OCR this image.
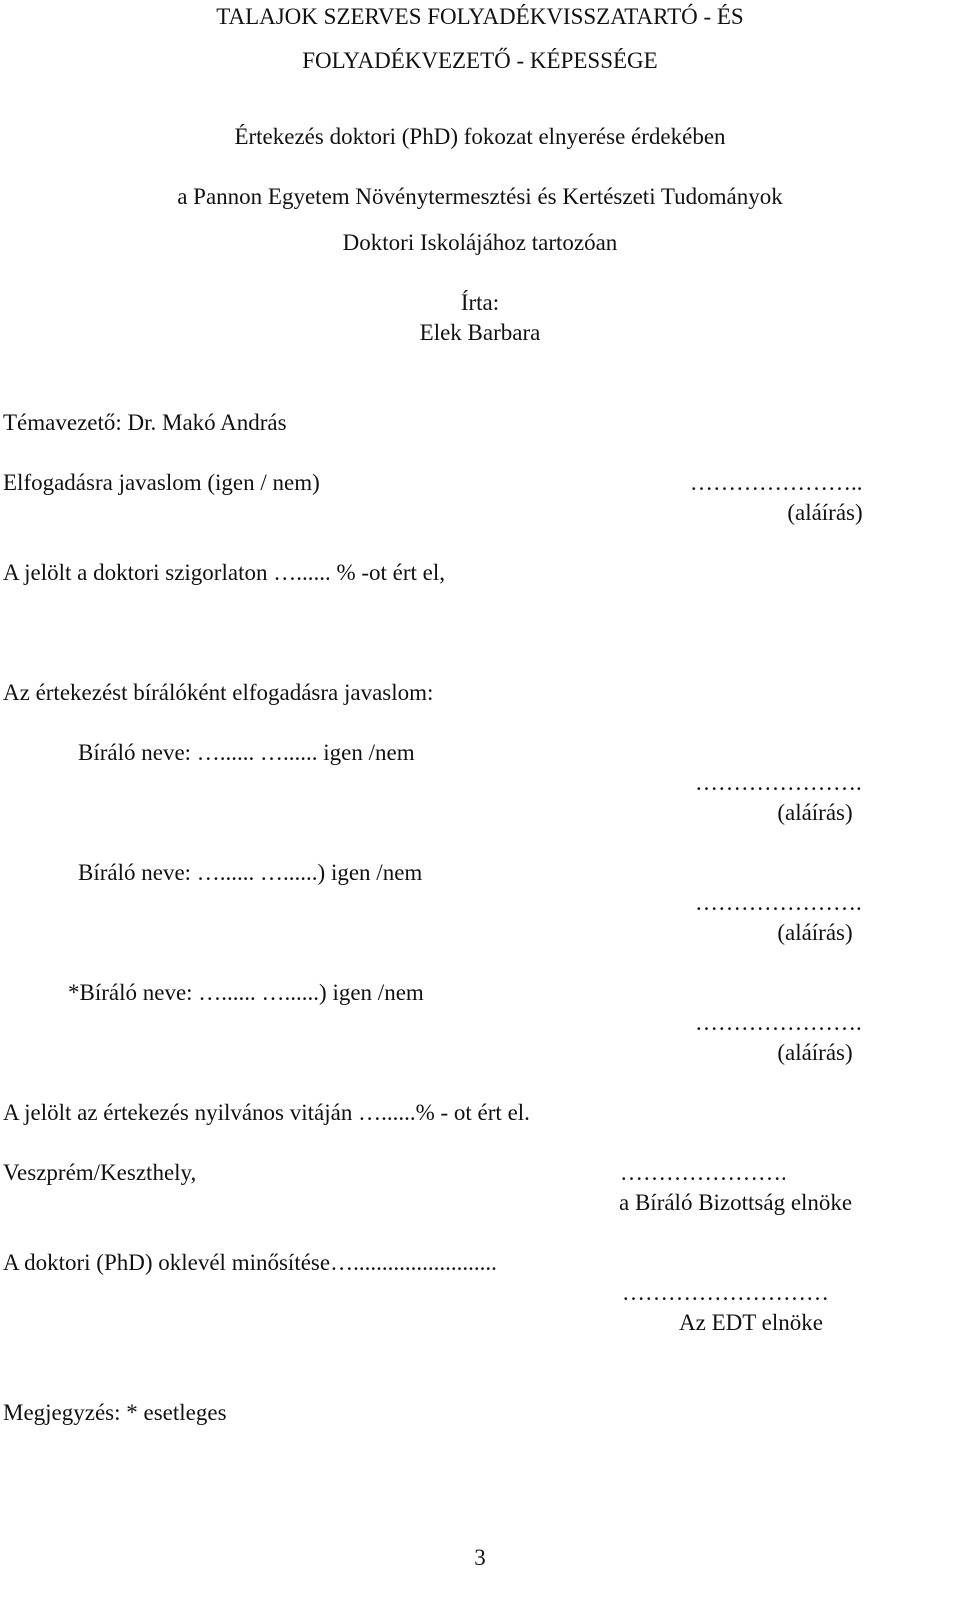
TALAJOK SZERVES FOLYADÉKVISSZATARTÓ - ÉS

FOLYADÉKVEZETŐ - KÉPESSÉGE

Értekezés doktori (PhD) fokozat elnyerése érdekében

a Pannon Egyetem Növénytermesztési és Kertészeti Tudományok

Doktori Iskolájához tartozóan

Írta:

Elek Barbara

Témavezető: Dr. Makó András

Elfogadásra javaslom (igen / nem)	…………………..

(aláírás)

A jelölt a doktori szigorlaton …...... % -ot ért el,

Az értekezést bírálóként elfogadásra javaslom:

Bíráló neve: …...... …...... igen /nem

………………….

(aláírás)

Bíráló neve: …...... …......) igen /nem

………………….

(aláírás)

*Bíráló neve: …...... …......) igen /nem

………………….

(aláírás)

A jelölt az értekezés nyilvános vitáján …......% - ot ért el.

Veszprém/Keszthely,	………………….

a Bíráló Bizottság elnöke

A doktori (PhD) oklevél minősítése….........................

………………………

Az EDT elnöke

Megjegyzés: * esetleges

3
